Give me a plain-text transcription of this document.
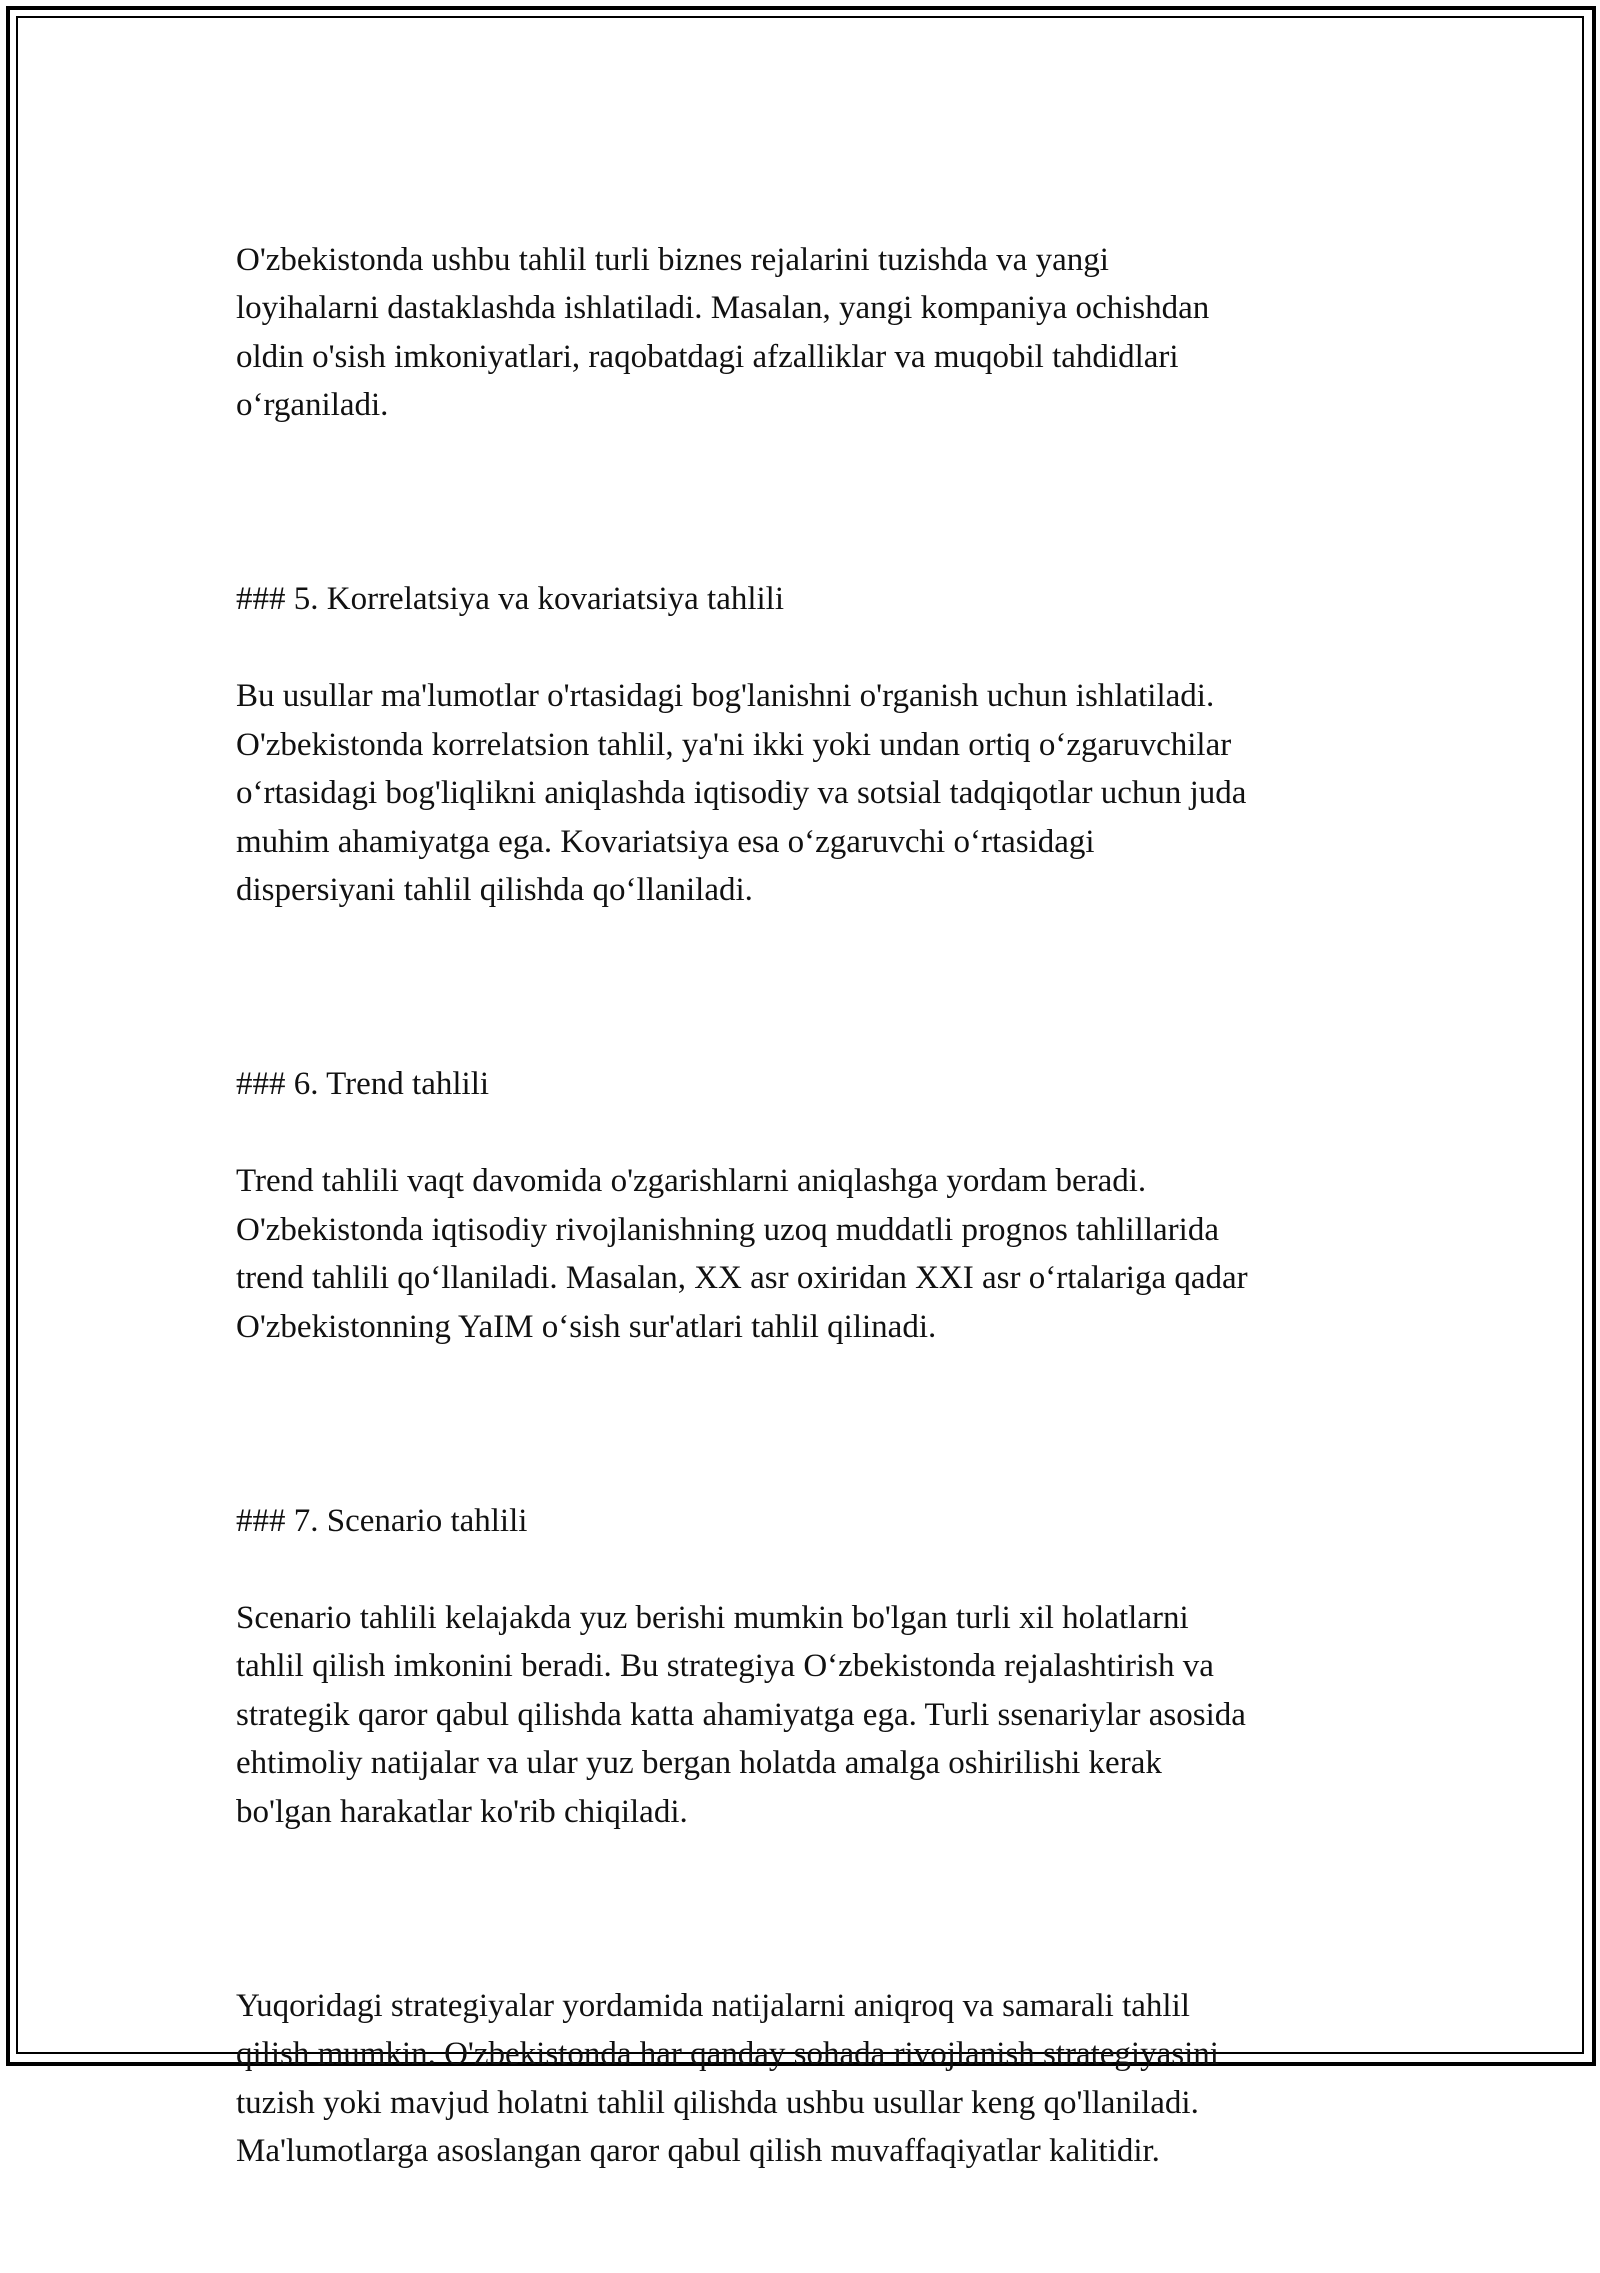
O'zbekistonda ushbu tahlil turli biznes rejalarini tuzishda va yangi
loyihalarni dastaklashda ishlatiladi. Masalan, yangi kompaniya ochishdan
oldin o'sish imkoniyatlari, raqobatdagi afzalliklar va muqobil tahdidlari
o‘rganiladi.

### 5. Korrelatsiya va kovariatsiya tahlili

Bu usullar ma'lumotlar o'rtasidagi bog'lanishni o'rganish uchun ishlatiladi.
O'zbekistonda korrelatsion tahlil, ya'ni ikki yoki undan ortiq o‘zgaruvchilar
o‘rtasidagi bog'liqlikni aniqlashda iqtisodiy va sotsial tadqiqotlar uchun juda
muhim ahamiyatga ega. Kovariatsiya esa o‘zgaruvchi o‘rtasidagi
dispersiyani tahlil qilishda qo‘llaniladi.

### 6. Trend tahlili

Trend tahlili vaqt davomida o'zgarishlarni aniqlashga yordam beradi.
O'zbekistonda iqtisodiy rivojlanishning uzoq muddatli prognos tahlillarida
trend tahlili qo‘llaniladi. Masalan, XX asr oxiridan XXI asr o‘rtalariga qadar
O'zbekistonning YaIM o‘sish sur'atlari tahlil qilinadi.

### 7. Scenario tahlili

Scenario tahlili kelajakda yuz berishi mumkin bo'lgan turli xil holatlarni
tahlil qilish imkonini beradi. Bu strategiya O‘zbekistonda rejalashtirish va
strategik qaror qabul qilishda katta ahamiyatga ega. Turli ssenariylar asosida
ehtimoliy natijalar va ular yuz bergan holatda amalga oshirilishi kerak
bo'lgan harakatlar ko'rib chiqiladi.

Yuqoridagi strategiyalar yordamida natijalarni aniqroq va samarali tahlil
qilish mumkin. O'zbekistonda har qanday sohada rivojlanish strategiyasini
tuzish yoki mavjud holatni tahlil qilishda ushbu usullar keng qo'llaniladi.
Ma'lumotlarga asoslangan qaror qabul qilish muvaffaqiyatlar kalitidir.
